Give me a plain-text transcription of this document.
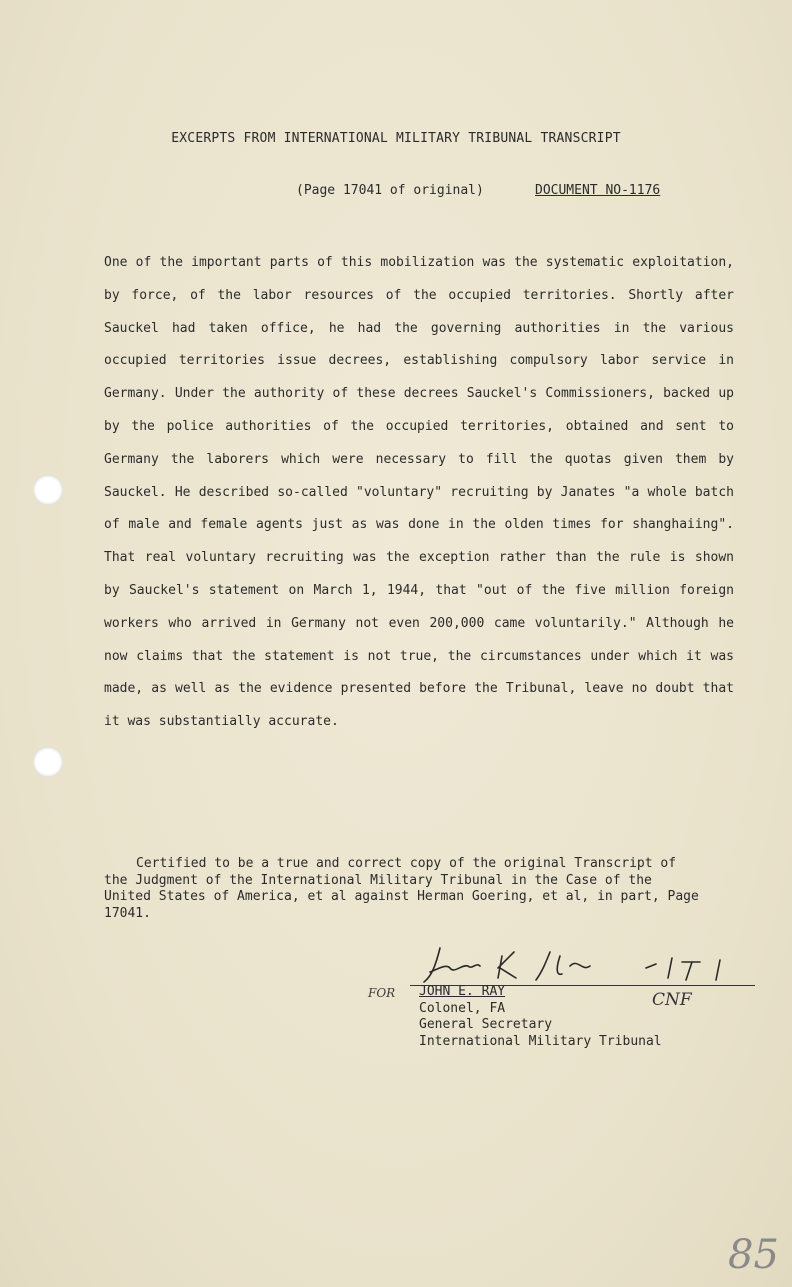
EXCERPTS FROM INTERNATIONAL MILITARY TRIBUNAL TRANSCRIPT
(Page 17041 of original)	DOCUMENT NO-1176
One of the important parts of this mobilization was the systematic exploitation, by force, of the labor resources of the occupied territories. Shortly after Sauckel had taken office, he had the governing authorities in the various occupied territories issue decrees, establishing compulsory labor service in Germany. Under the authority of these decrees Sauckel's Commissioners, backed up by the police authorities of the occupied territories, obtained and sent to Germany the laborers which were necessary to fill the quotas given them by Sauckel. He described so-called "voluntary" recruiting by Janates "a whole batch of male and female agents just as was done in the olden times for shanghaiing". That real voluntary recruiting was the exception rather than the rule is shown by Sauckel's statement on March 1, 1944, that "out of the five million foreign workers who arrived in Germany not even 200,000 came voluntarily." Although he now claims that the statement is not true, the circumstances under which it was made, as well as the evidence presented before the Tribunal, leave no doubt that it was substantially accurate.
Certified to be a true and correct copy of the original Transcript of the Judgment of the International Military Tribunal in the Case of the United States of America, et al against Herman Goering, et al, in part, Page 17041.
John K. Hile 1-T IT
FOR	CNF
JOHN E. RAY
Colonel, FA
General Secretary
International Military Tribunal
85
